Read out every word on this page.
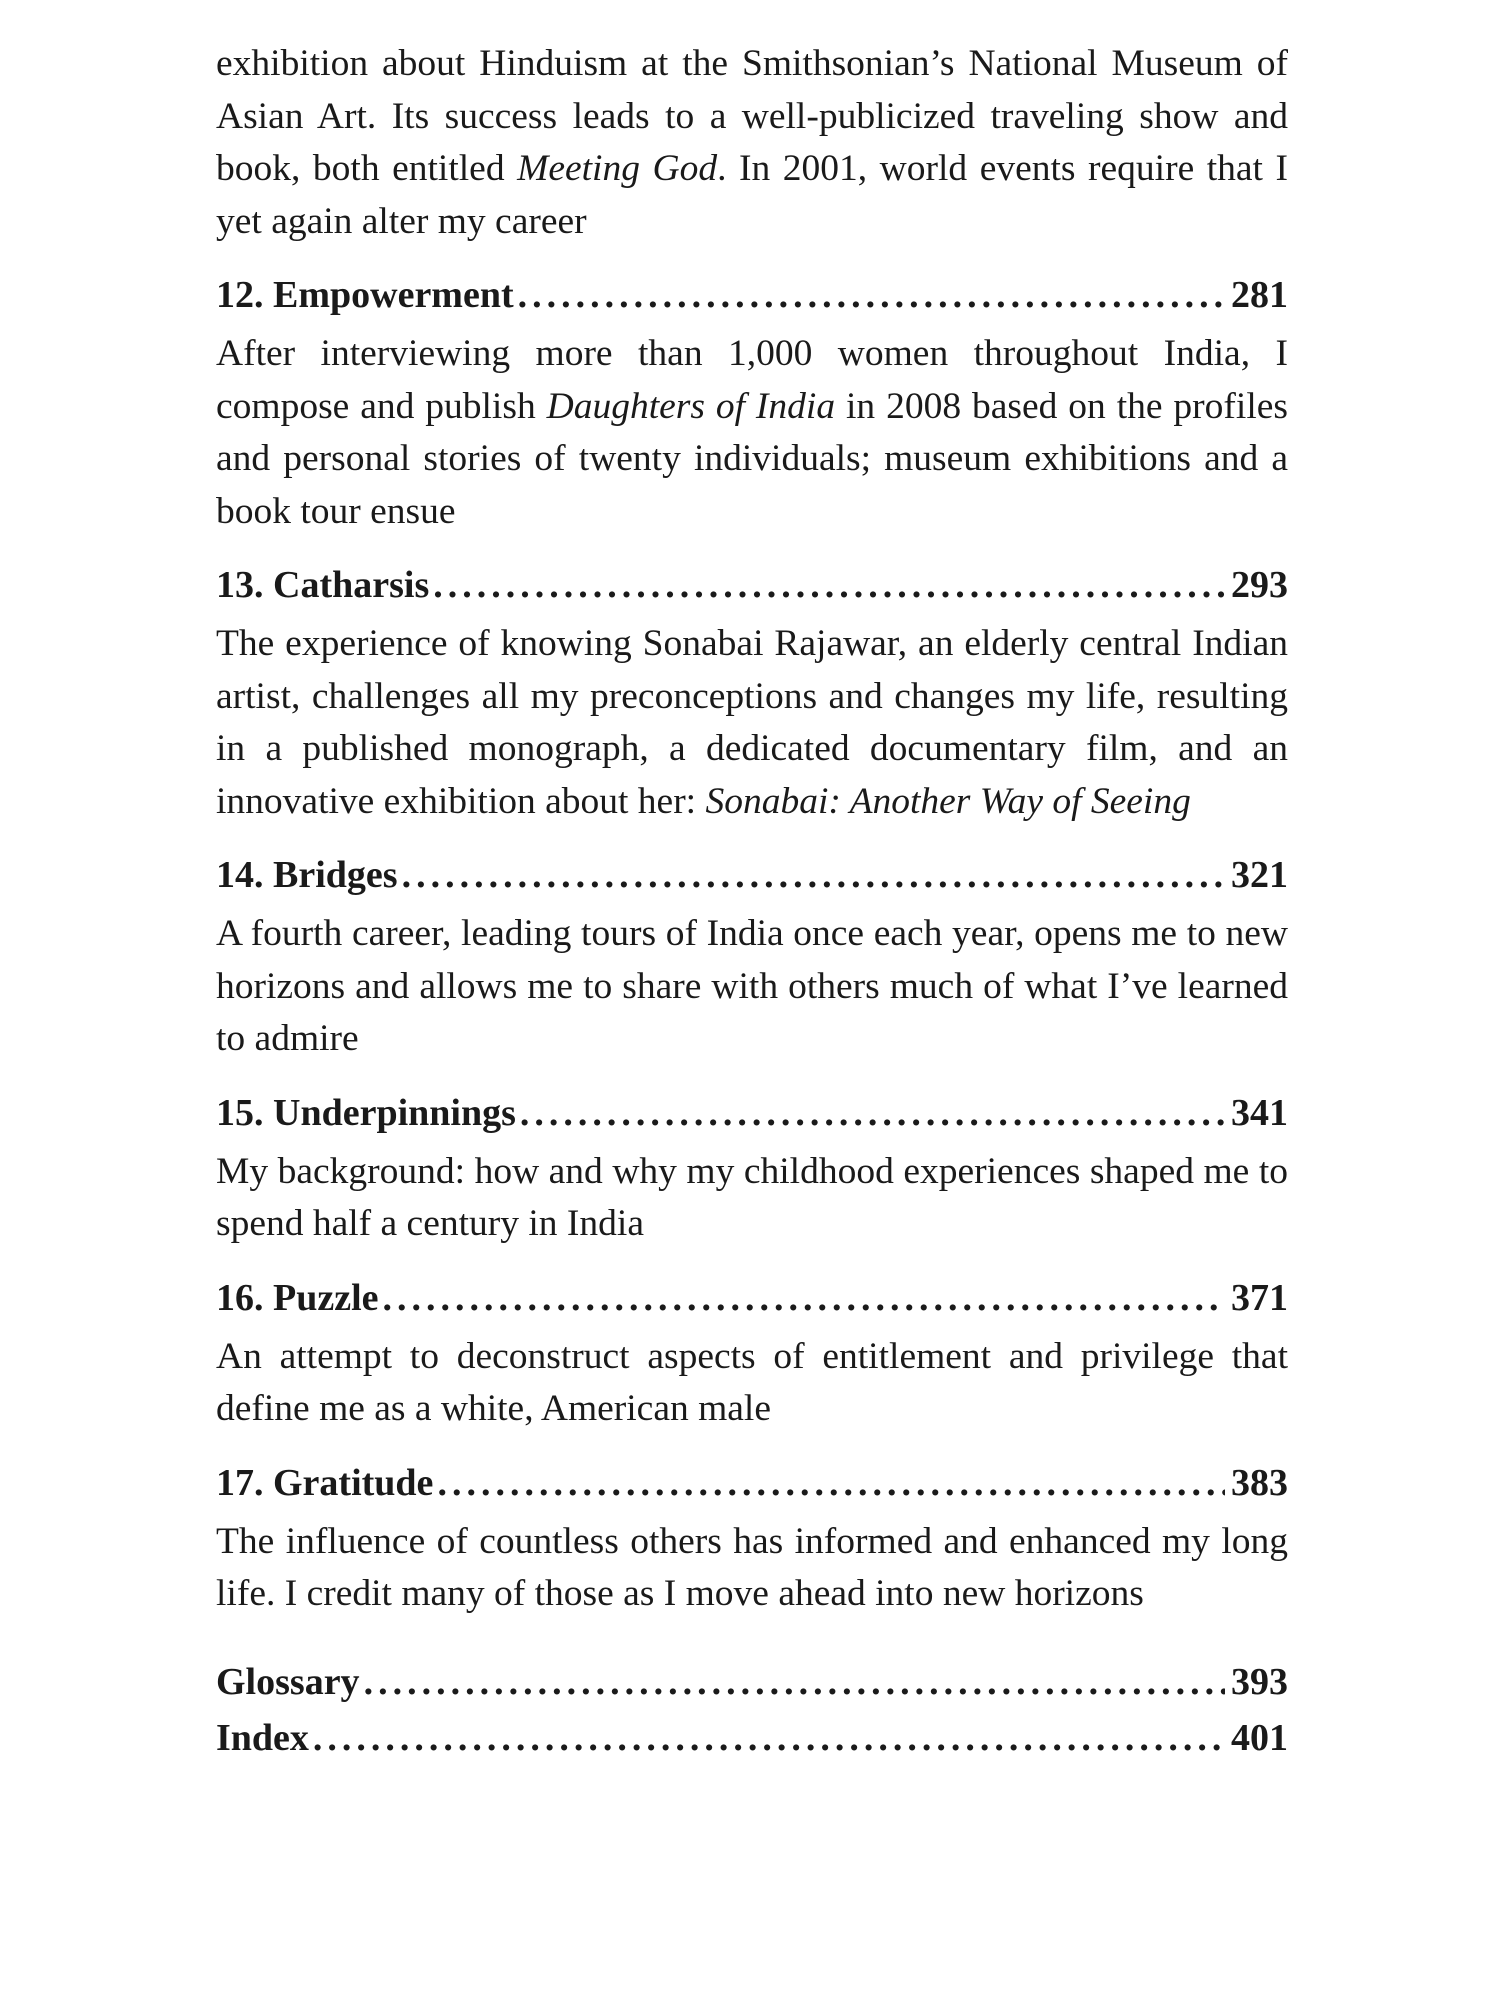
exhibition about Hinduism at the Smithsonian’s National Museum of Asian Art. Its success leads to a well-publicized traveling show and book, both entitled Meeting God. In 2001, world events require that I yet again alter my career

12. Empowerment .....	281

After interviewing more than 1,000 women throughout India, I compose and publish Daughters of India in 2008 based on the profiles and personal stories of twenty individuals; museum exhibitions and a book tour ensue

13. Catharsis .....	293

The experience of knowing Sonabai Rajawar, an elderly central Indian artist, challenges all my preconceptions and changes my life, resulting in a published monograph, a dedicated documentary film, and an innovative exhibition about her: Sonabai: Another Way of Seeing

14. Bridges .....	321

A fourth career, leading tours of India once each year, opens me to new horizons and allows me to share with others much of what I’ve learned to admire

15. Underpinnings .....	341

My background: how and why my childhood experiences shaped me to spend half a century in India

16. Puzzle .....	371

An attempt to deconstruct aspects of entitlement and privilege that define me as a white, American male

17. Gratitude .....	383

The influence of countless others has informed and enhanced my long life. I credit many of those as I move ahead into new horizons

Glossary .....	393
Index .....	401
